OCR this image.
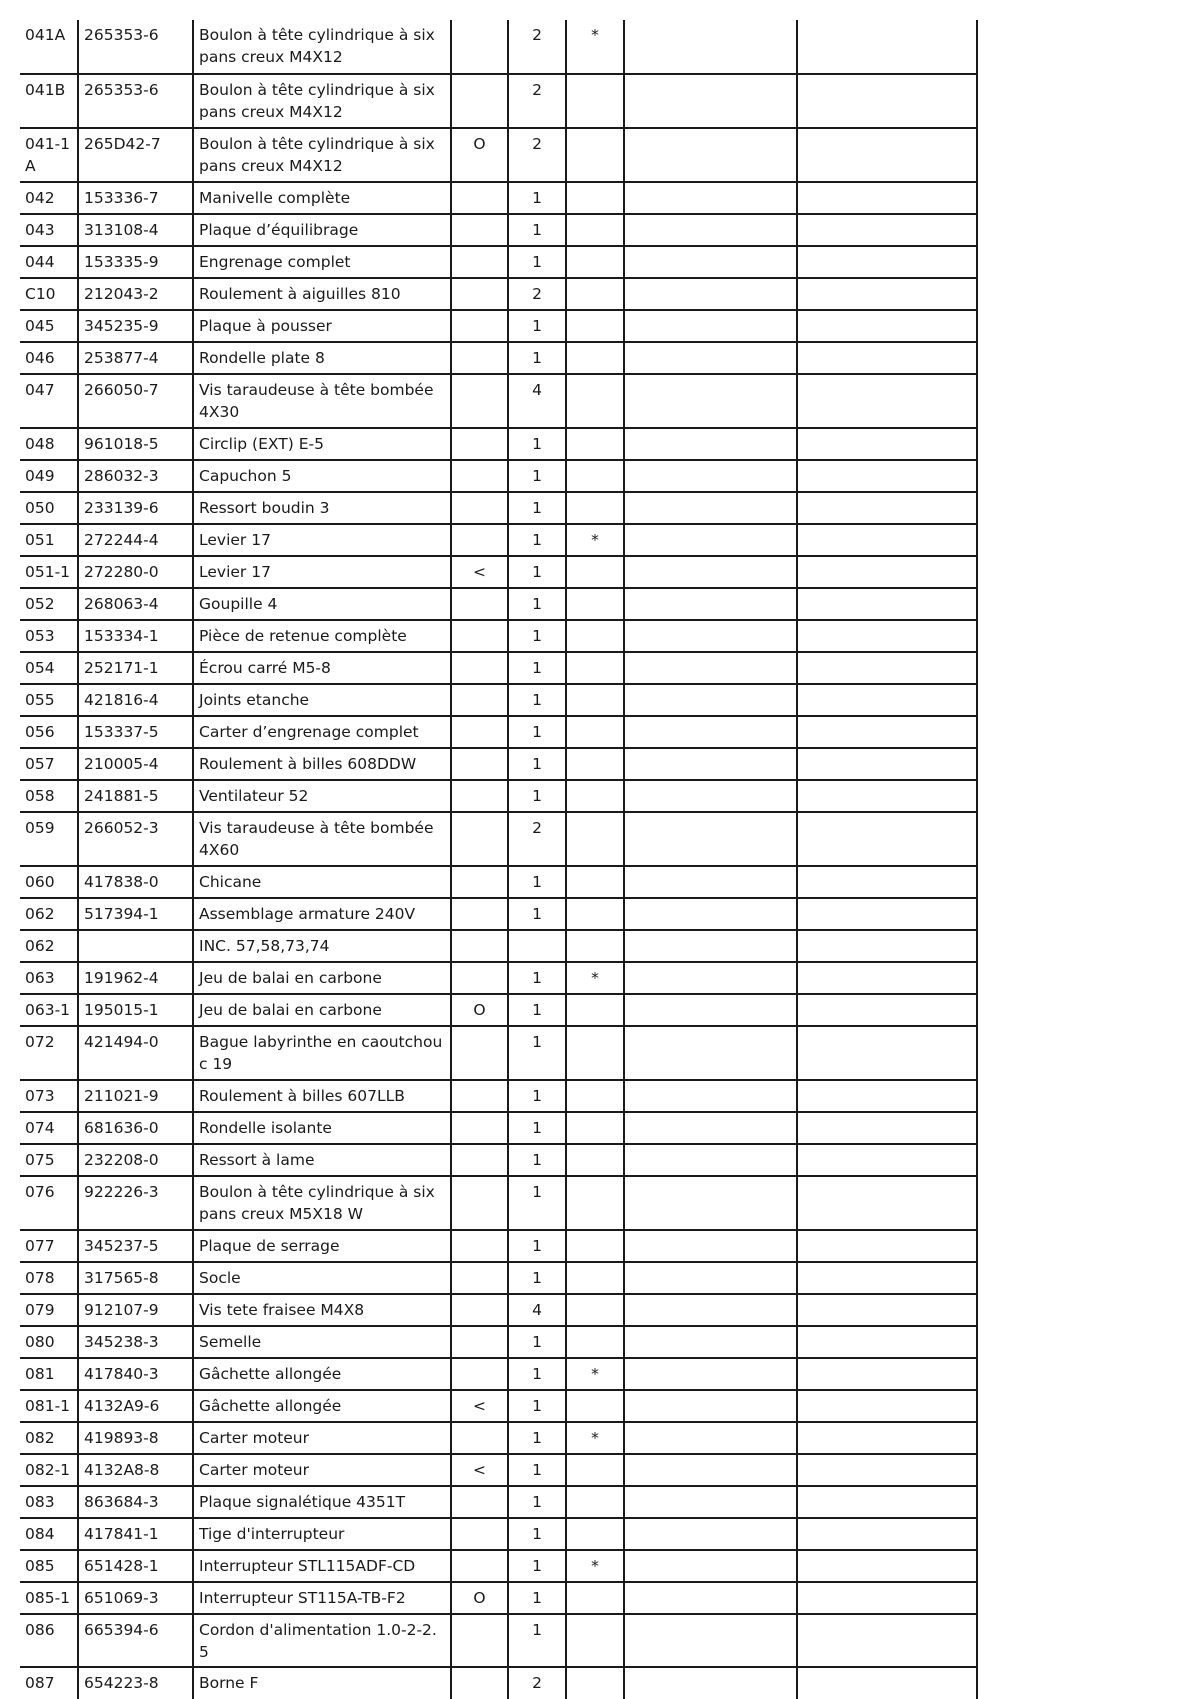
041A	265353-6	Boulon à tête cylindrique à six pans creux M4X12		2	*		
041B	265353-6	Boulon à tête cylindrique à six pans creux M4X12		2			
041-1A	265D42-7	Boulon à tête cylindrique à six pans creux M4X12	O	2			
042	153336-7	Manivelle complète		1			
043	313108-4	Plaque d’équilibrage		1			
044	153335-9	Engrenage complet		1			
C10	212043-2	Roulement à aiguilles 810		2			
045	345235-9	Plaque à pousser		1			
046	253877-4	Rondelle plate 8		1			
047	266050-7	Vis taraudeuse à tête bombée 4X30		4			
048	961018-5	Circlip (EXT) E-5		1			
049	286032-3	Capuchon 5		1			
050	233139-6	Ressort boudin 3		1			
051	272244-4	Levier 17		1	*		
051-1	272280-0	Levier 17	<	1			
052	268063-4	Goupille 4		1			
053	153334-1	Pièce de retenue complète		1			
054	252171-1	Écrou carré M5-8		1			
055	421816-4	Joints etanche		1			
056	153337-5	Carter d’engrenage complet		1			
057	210005-4	Roulement à billes 608DDW		1			
058	241881-5	Ventilateur 52		1			
059	266052-3	Vis taraudeuse à tête bombée 4X60		2			
060	417838-0	Chicane		1			
062	517394-1	Assemblage armature 240V		1			
062		INC. 57,58,73,74					
063	191962-4	Jeu de balai en carbone		1	*		
063-1	195015-1	Jeu de balai en carbone	O	1			
072	421494-0	Bague labyrinthe en caoutchouc 19		1			
073	211021-9	Roulement à billes 607LLB		1			
074	681636-0	Rondelle isolante		1			
075	232208-0	Ressort à lame		1			
076	922226-3	Boulon à tête cylindrique à six pans creux M5X18 W		1			
077	345237-5	Plaque de serrage		1			
078	317565-8	Socle		1			
079	912107-9	Vis tete fraisee M4X8		4			
080	345238-3	Semelle		1			
081	417840-3	Gâchette allongée		1	*		
081-1	4132A9-6	Gâchette allongée	<	1			
082	419893-8	Carter moteur		1	*		
082-1	4132A8-8	Carter moteur	<	1			
083	863684-3	Plaque signalétique 4351T		1			
084	417841-1	Tige d'interrupteur		1			
085	651428-1	Interrupteur STL115ADF-CD		1	*		
085-1	651069-3	Interrupteur ST115A-TB-F2	O	1			
086	665394-6	Cordon d'alimentation 1.0-2-2.5		1			
087	654223-8	Borne F		2			
